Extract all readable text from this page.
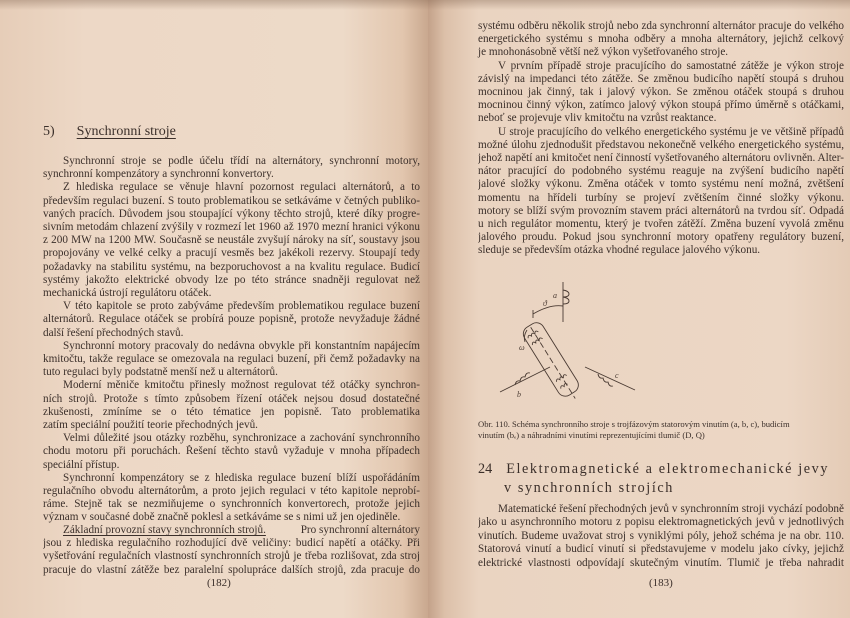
5) Synchronní stroje
Synchronní stroje se podle účelu třídí na alternátory, synchronní motory,
synchronní kompenzátory a synchronní konvertory.
Z hlediska regulace se věnuje hlavní pozornost regulaci alternátorů, a to
především regulaci buzení. S touto problematikou se setkáváme v četných publiko-
vaných pracích. Důvodem jsou stoupající výkony těchto strojů, které díky progre-
sivním metodám chlazení zvýšily v rozmezí let 1960 až 1970 mezní hranici výkonu
z 200 MW na 1200 MW. Současně se neustále zvyšují nároky na síť, soustavy jsou
propojovány ve velké celky a pracují vesměs bez jakékoli rezervy. Stoupají tedy
požadavky na stabilitu systému, na bezporuchovost a na kvalitu regulace. Budicí
systémy jakožto elektrické obvody lze po této stránce snadněji regulovat než
mechanická ústrojí regulátoru otáček.
V této kapitole se proto zabýváme především problematikou regulace buzení
alternátorů. Regulace otáček se probírá pouze popisně, protože nevyžaduje žádné
další řešení přechodných stavů.
Synchronní motory pracovaly do nedávna obvykle při konstantním napájecím
kmitočtu, takže regulace se omezovala na regulaci buzení, při čemž požadavky na
tuto regulaci byly podstatně menší než u alternátorů.
Moderní měniče kmitočtu přinesly možnost regulovat též otáčky synchron-
ních strojů. Protože s tímto způsobem řízení otáček nejsou dosud dostatečné
zkušenosti, zmíníme se o této tématice jen popisně. Tato problematika
zatím speciální použití teorie přechodných jevů.
Velmi důležité jsou otázky rozběhu, synchronizace a zachování synchronního
chodu motoru při poruchách. Řešení těchto stavů vyžaduje v mnoha případech
speciální přístup.
Synchronní kompenzátory se z hlediska regulace buzení blíží uspořádáním
regulačního obvodu alternátorům, a proto jejich regulaci v této kapitole neprobí-
ráme. Stejně tak se nezmiňujeme o synchronních konvertorech, protože jejich
význam v současné době značně poklesl a setkáváme se s nimi už jen ojediněle.
Základní provozní stavy synchronních strojů.	Pro synchronní alternátory
jsou z hlediska regulačního rozhodující dvě veličiny: budicí napětí a otáčky. Při
vyšetřování regulačních vlastností synchronních strojů je třeba rozlišovat, zda stroj
pracuje do vlastní zátěže bez paralelní spolupráce dalších strojů, zda pracuje do
(182)
systému odběru několik strojů nebo zda synchronní alternátor pracuje do velkého
energetického systému s mnoha odběry a mnoha alternátory, jejichž celkový
je mnohonásobně větší než výkon vyšetřovaného stroje.
V prvním případě stroje pracujícího do samostatné zátěže je výkon stroje
závislý na impedanci této zátěže. Se změnou budicího napětí stoupá s druhou
mocninou jak činný, tak i jalový výkon. Se změnou otáček stoupá s druhou
mocninou činný výkon, zatímco jalový výkon stoupá přímo úměrně s otáčkami,
neboť se projevuje vliv kmitočtu na vzrůst reaktance.
U stroje pracujícího do velkého energetického systému je ve většině případů
možné úlohu zjednodušit představou nekonečně velkého energetického systému,
jehož napětí ani kmitočet není činností vyšetřovaného alternátoru ovlivněn. Alter-
nátor pracující do podobného systému reaguje na zvýšení budicího napětí
jalové složky výkonu. Změna otáček v tomto systému není možná, zvětšení
momentu na hřídeli turbíny se projeví zvětšením činné složky výkonu.
motory se blíží svým provozním stavem práci alternátorů na tvrdou síť. Odpadá
u nich regulátor momentu, který je tvořen zátěží. Změna buzení vyvolá změnu
jalového proudu. Pokud jsou synchronní motory opatřeny regulátory buzení,
sleduje se především otázka vhodné regulace jalového výkonu.
Obr. 110. Schéma synchronního stroje s trojfázovým statorovým vinutím (a, b, c), budicím
vinutím (bₑ) a náhradními vinutími reprezentujícími tlumič (D, Q)
24 Elektromagnetické a elektromechanické jevy
v synchronních strojích
Matematické řešení přechodných jevů v synchronním stroji vychází podobně
jako u asynchronního motoru z popisu elektromagnetických jevů v jednotlivých
vinutích. Budeme uvažovat stroj s vyniklými póly, jehož schéma je na obr. 110.
Statorová vinutí a budicí vinutí si představujeme v modelu jako cívky, jejichž
elektrické vlastnosti odpovídají skutečným vinutím. Tlumič je třeba nahradit
(183)
a
b
c
ϑ
ω
